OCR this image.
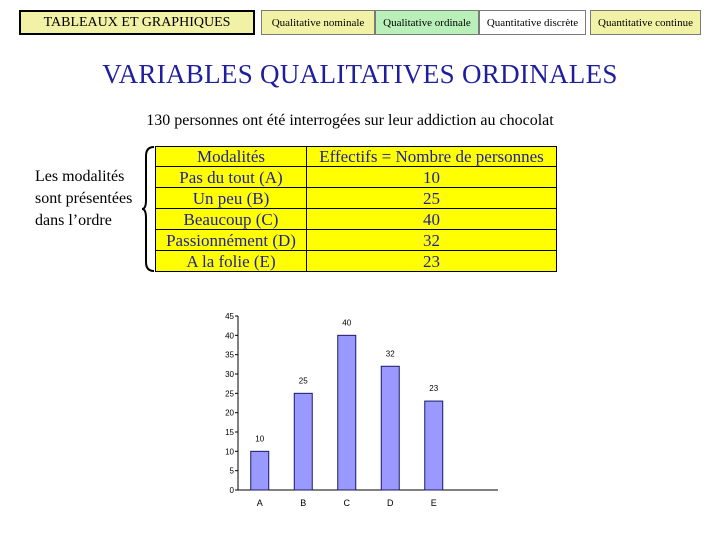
TABLEAUX ET GRAPHIQUES	Qualitative nominale	Qualitative ordinale	Quantitative discrète	Quantitative continue
VARIABLES QUALITATIVES ORDINALES
130 personnes ont été interrogées sur leur addiction au chocolat
Les modalités sont présentées dans l’ordre
Modalités	Effectifs = Nombre de personnes
Pas du tout (A)	10
Un peu (B)	25
Beaucoup (C)	40
Passionnément (D)	32
A la folie (E)	23
0
5
10
15
20
25
30
35
40
45
10
A
25
B
40
C
32
D
23
E
